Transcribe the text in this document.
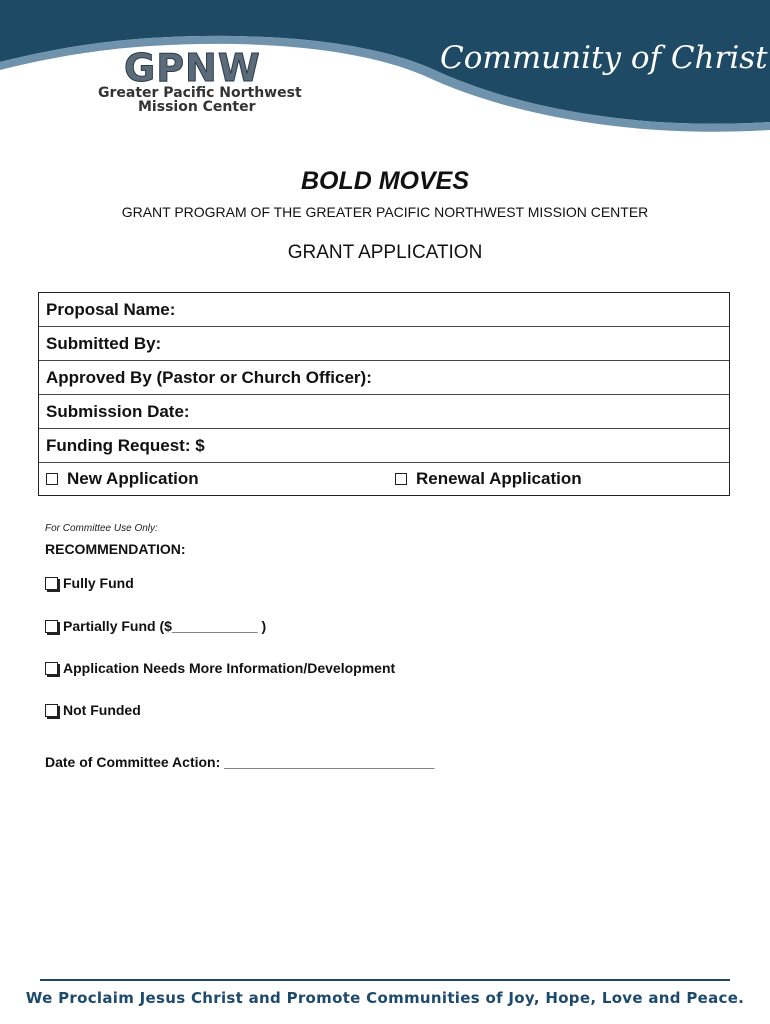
GPNW
Greater Pacific Northwest
Mission Center
Community of Christ
BOLD MOVES
GRANT PROGRAM OF THE GREATER PACIFIC NORTHWEST MISSION CENTER
GRANT APPLICATION
Proposal Name:
Submitted By:
Approved By (Pastor or Church Officer):
Submission Date:
Funding Request: $
New Application	Renewal Application
For Committee Use Only:
RECOMMENDATION:
Fully Fund
Partially Fund ($___________ )
Application Needs More Information/Development
Not Funded
Date of Committee Action: ___________________________
We Proclaim Jesus Christ and Promote Communities of Joy, Hope, Love and Peace.
